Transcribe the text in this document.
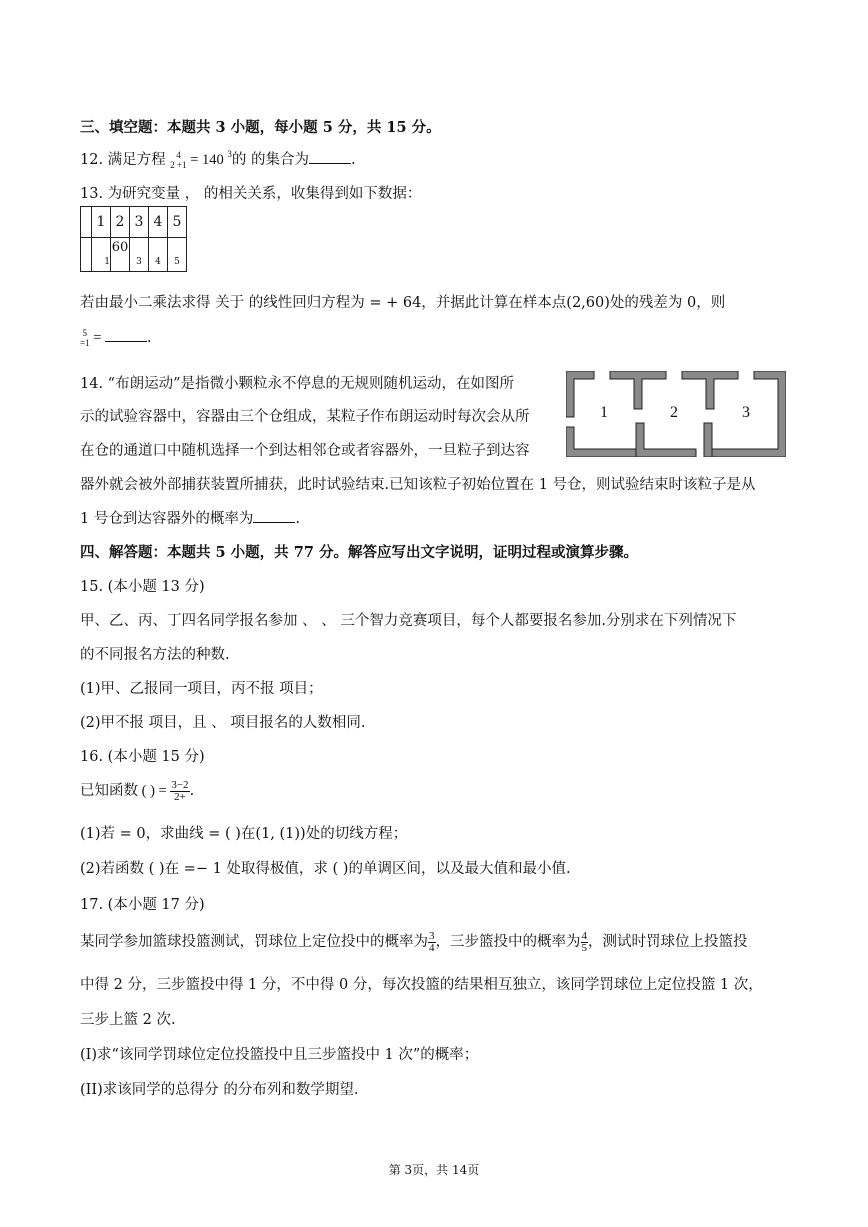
三、填空题：本题共 3 小题，每小题 5 分，共 15 分。
12. 满足方程 4
2 +1 = 140 $^3$的 的集合为	.
13. 为研究变量 ， 的相关关系，收集得到如下数据：
	1	2	3	4	5
	1	60	3	4	5
若由最小二乘法求得 关于 的线性回归方程为 = + 64，并据此计算在样本点(2,60)处的残差为 0，则
5
=1 =	.
14. “布朗运动”是指微小颗粒永不停息的无规则随机运动，在如图所
示的试验容器中，容器由三个仓组成，某粒子作布朗运动时每次会从所
在仓的通道口中随机选择一个到达相邻仓或者容器外，一旦粒子到达容
器外就会被外部捕获装置所捕获，此时试验结束.已知该粒子初始位置在 1 号仓，则试验结束时该粒子是从
1 号仓到达容器外的概率为	.
1	2	3
四、解答题：本题共 5 小题，共 77 分。解答应写出文字说明，证明过程或演算步骤。
15. (本小题 13 分)
甲、乙、丙、丁四名同学报名参加 、 、 三个智力竞赛项目，每个人都要报名参加.分别求在下列情况下
的不同报名方法的种数.
(1)甲、乙报同一项目，丙不报 项目；
(2)甲不报 项目，且 、 项目报名的人数相同.
16. (本小题 15 分)
已知函数 ( ) = $\frac{3-2}{2+}$ .
(1)若 = 0，求曲线 = ( )在(1, (1))处的切线方程；
(2)若函数 ( )在 =− 1 处取得极值，求 ( )的单调区间，以及最大值和最小值.
17. (本小题 17 分)
某同学参加篮球投篮测试，罚球位上定位投中的概率为 $\frac{3}{4}$ ，三步篮投中的概率为 $\frac{4}{5}$ ，测试时罚球位上投篮投
中得 2 分，三步篮投中得 1 分，不中得 0 分，每次投篮的结果相互独立，该同学罚球位上定位投篮 1 次，
三步上篮 2 次.
(I)求“该同学罚球位定位投篮投中且三步篮投中 1 次”的概率；
(II)求该同学的总得分 的分布列和数学期望.
第 3页，共 14页
